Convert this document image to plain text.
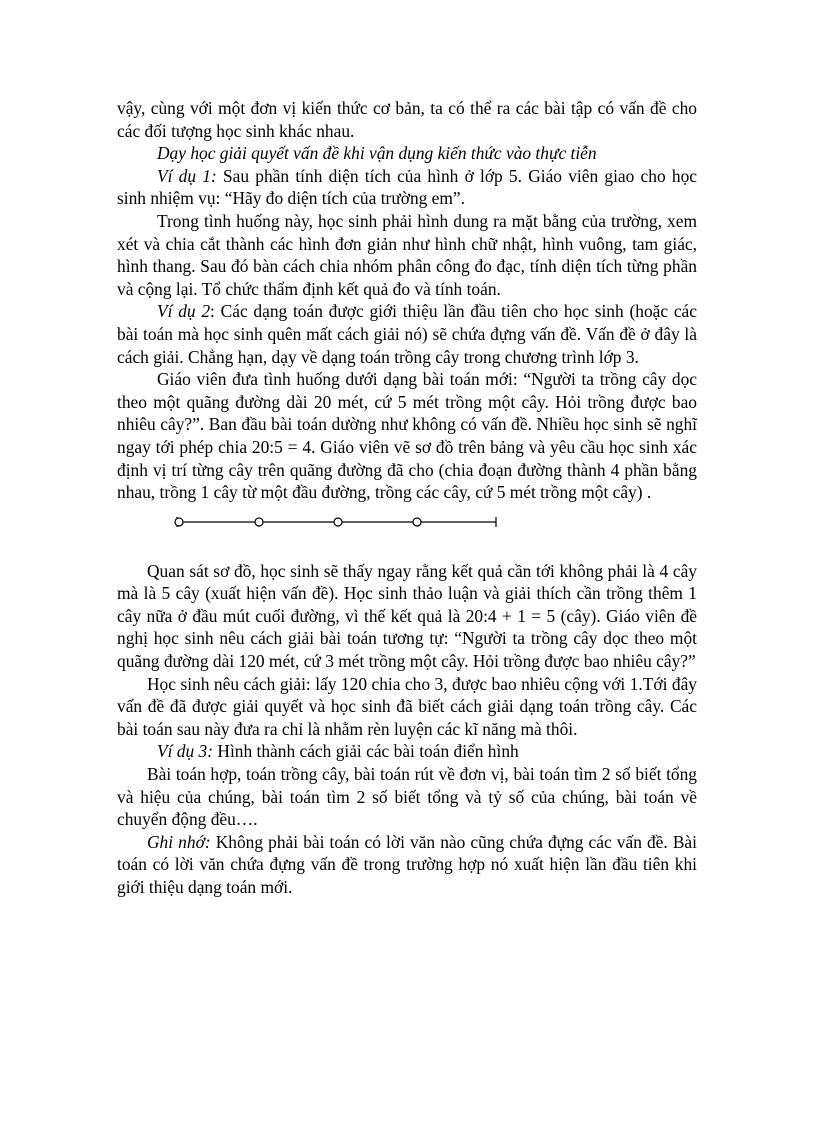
vậy, cùng với một đơn vị kiến thức cơ bản, ta có thể ra các bài tập có vấn đề cho các đối tượng học sinh khác nhau.

Dạy học giải quyết vấn đề khi vận dụng kiến thức vào thực tiễn

Ví dụ 1: Sau phần tính diện tích của hình ở lớp 5. Giáo viên giao cho học sinh nhiệm vụ: “Hãy đo diện tích của trường em”.

Trong tình huống này, học sinh phải hình dung ra mặt bằng của trường, xem xét và chia cắt thành các hình đơn giản như hình chữ nhật, hình vuông, tam giác, hình thang. Sau đó bàn cách chia nhóm phân công đo đạc, tính diện tích từng phần và cộng lại. Tổ chức thẩm định kết quả đo và tính toán.

Ví dụ 2: Các dạng toán được giới thiệu lần đầu tiên cho học sinh (hoặc các bài toán mà học sinh quên mất cách giải nó) sẽ chứa đựng vấn đề. Vấn đề ở đây là cách giải. Chẳng hạn, dạy về dạng toán trồng cây trong chương trình lớp 3.

Giáo viên đưa tình huống dưới dạng bài toán mới: “Người ta trồng cây dọc theo một quãng đường dài 20 mét, cứ 5 mét trồng một cây. Hỏi trồng được bao nhiêu cây?”. Ban đầu bài toán dường như không có vấn đề. Nhiều học sinh sẽ nghĩ ngay tới phép chia 20:5 = 4. Giáo viên vẽ sơ đồ trên bảng và yêu cầu học sinh xác định vị trí từng cây trên quãng đường đã cho (chia đoạn đường thành 4 phần bằng nhau, trồng 1 cây từ một đầu đường, trồng các cây, cứ 5 mét trồng một cây) .

Quan sát sơ đồ, học sinh sẽ thấy ngay rằng kết quả cần tới không phải là 4 cây mà là 5 cây (xuất hiện vấn đề). Học sinh thảo luận và giải thích cần trồng thêm 1 cây nữa ở đầu mút cuối đường, vì thế kết quả là 20:4 + 1 = 5 (cây). Giáo viên đề nghị học sinh nêu cách giải bài toán tương tự: “Người ta trồng cây dọc theo một quãng đường dài 120 mét, cứ 3 mét trồng một cây. Hỏi trồng được bao nhiêu cây?”

Học sinh nêu cách giải: lấy 120 chia cho 3, được bao nhiêu cộng với 1.Tới đây vấn đề đã được giải quyết và học sinh đã biết cách giải dạng toán trồng cây. Các bài toán sau này đưa ra chỉ là nhằm rèn luyện các kĩ năng mà thôi.

Ví dụ 3: Hình thành cách giải các bài toán điển hình

Bài toán hợp, toán trồng cây, bài toán rút về đơn vị, bài toán tìm 2 số biết tổng và hiệu của chúng, bài toán tìm 2 số biết tổng và tỷ số của chúng, bài toán về chuyển động đều….

Ghi nhớ: Không phải bài toán có lời văn nào cũng chứa đựng các vấn đề. Bài toán có lời văn chứa đựng vấn đề trong trường hợp nó xuất hiện lần đầu tiên khi giới thiệu dạng toán mới.
